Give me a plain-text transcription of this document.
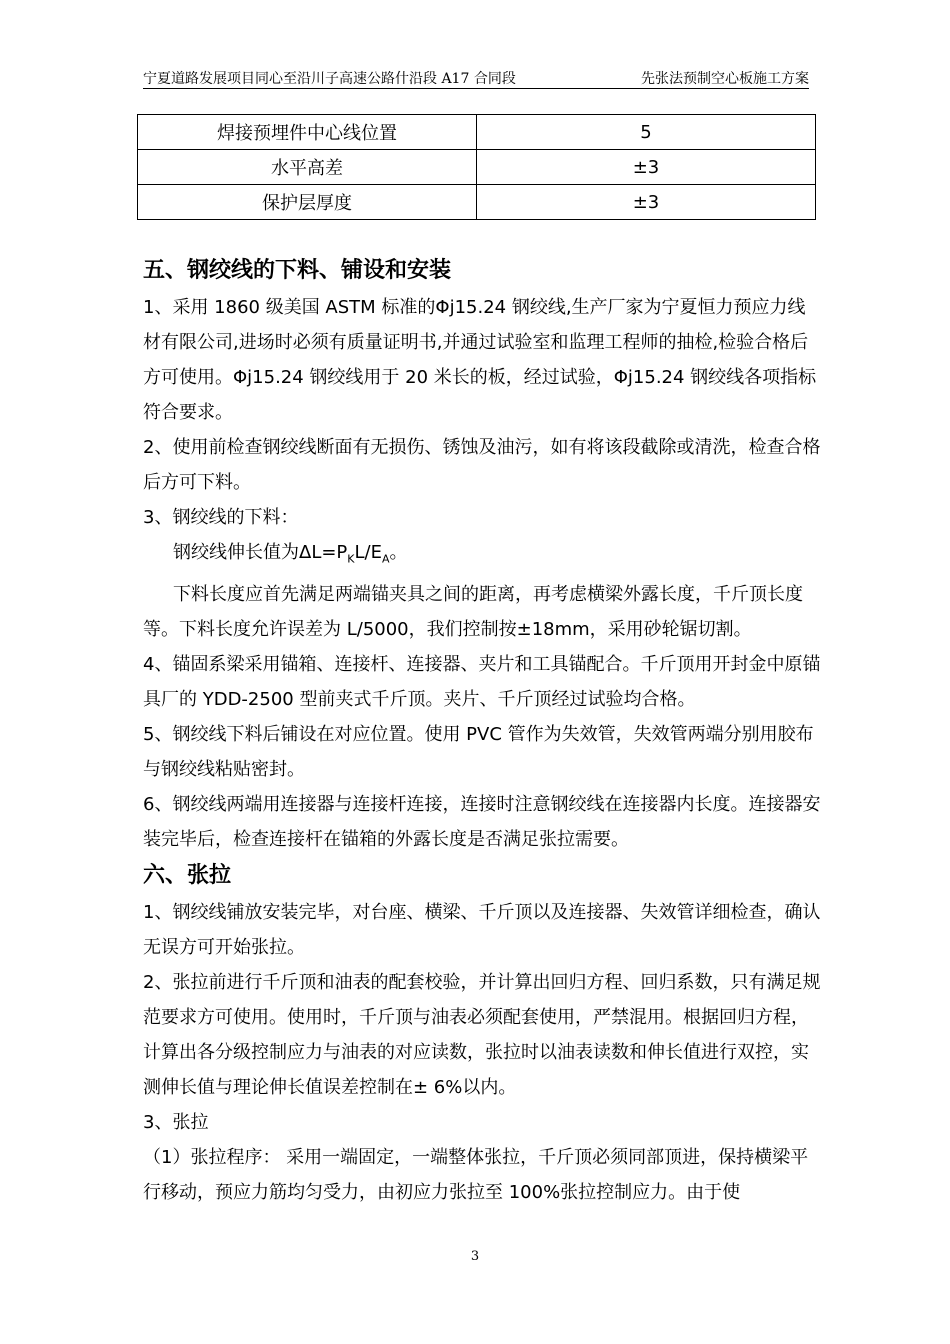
宁夏道路发展项目同心至沿川子高速公路什沿段 A17 合同段	先张法预制空心板施工方案
焊接预埋件中心线位置	5
水平高差	±3
保护层厚度	±3
五、钢绞线的下料、铺设和安装

1、采用 1860 级美国 ASTM 标准的Φj15.24 钢绞线,生产厂家为宁夏恒力预应力线材有限公司,进场时必须有质量证明书,并通过试验室和监理工程师的抽检,检验合格后方可使用。Φj15.24 钢绞线用于 20 米长的板，经过试验，Φj15.24 钢绞线各项指标符合要求。

2、使用前检查钢绞线断面有无损伤、锈蚀及油污，如有将该段截除或清洗，检查合格后方可下料。

3、钢绞线的下料：

钢绞线伸长值为$\Delta L=P_KL/E_A$。

下料长度应首先满足两端锚夹具之间的距离，再考虑横梁外露长度，千斤顶长度等。下料长度允许误差为 L/5000，我们控制按±18mm，采用砂轮锯切割。

4、锚固系梁采用锚箱、连接杆、连接器、夹片和工具锚配合。千斤顶用开封金中原锚具厂的 YDD-2500 型前夹式千斤顶。夹片、千斤顶经过试验均合格。

5、钢绞线下料后铺设在对应位置。使用 PVC 管作为失效管，失效管两端分别用胶布与钢绞线粘贴密封。

6、钢绞线两端用连接器与连接杆连接，连接时注意钢绞线在连接器内长度。连接器安装完毕后，检查连接杆在锚箱的外露长度是否满足张拉需要。

六、张拉

1、钢绞线铺放安装完毕，对台座、横梁、千斤顶以及连接器、失效管详细检查，确认无误方可开始张拉。

2、张拉前进行千斤顶和油表的配套校验，并计算出回归方程、回归系数，只有满足规范要求方可使用。使用时，千斤顶与油表必须配套使用，严禁混用。根据回归方程，计算出各分级控制应力与油表的对应读数，张拉时以油表读数和伸长值进行双控，实测伸长值与理论伸长值误差控制在± 6%以内。

3、张拉

（1）张拉程序： 采用一端固定，一端整体张拉，千斤顶必须同部顶进，保持横梁平行移动，预应力筋均匀受力，由初应力张拉至 100%张拉控制应力。由于使

3
